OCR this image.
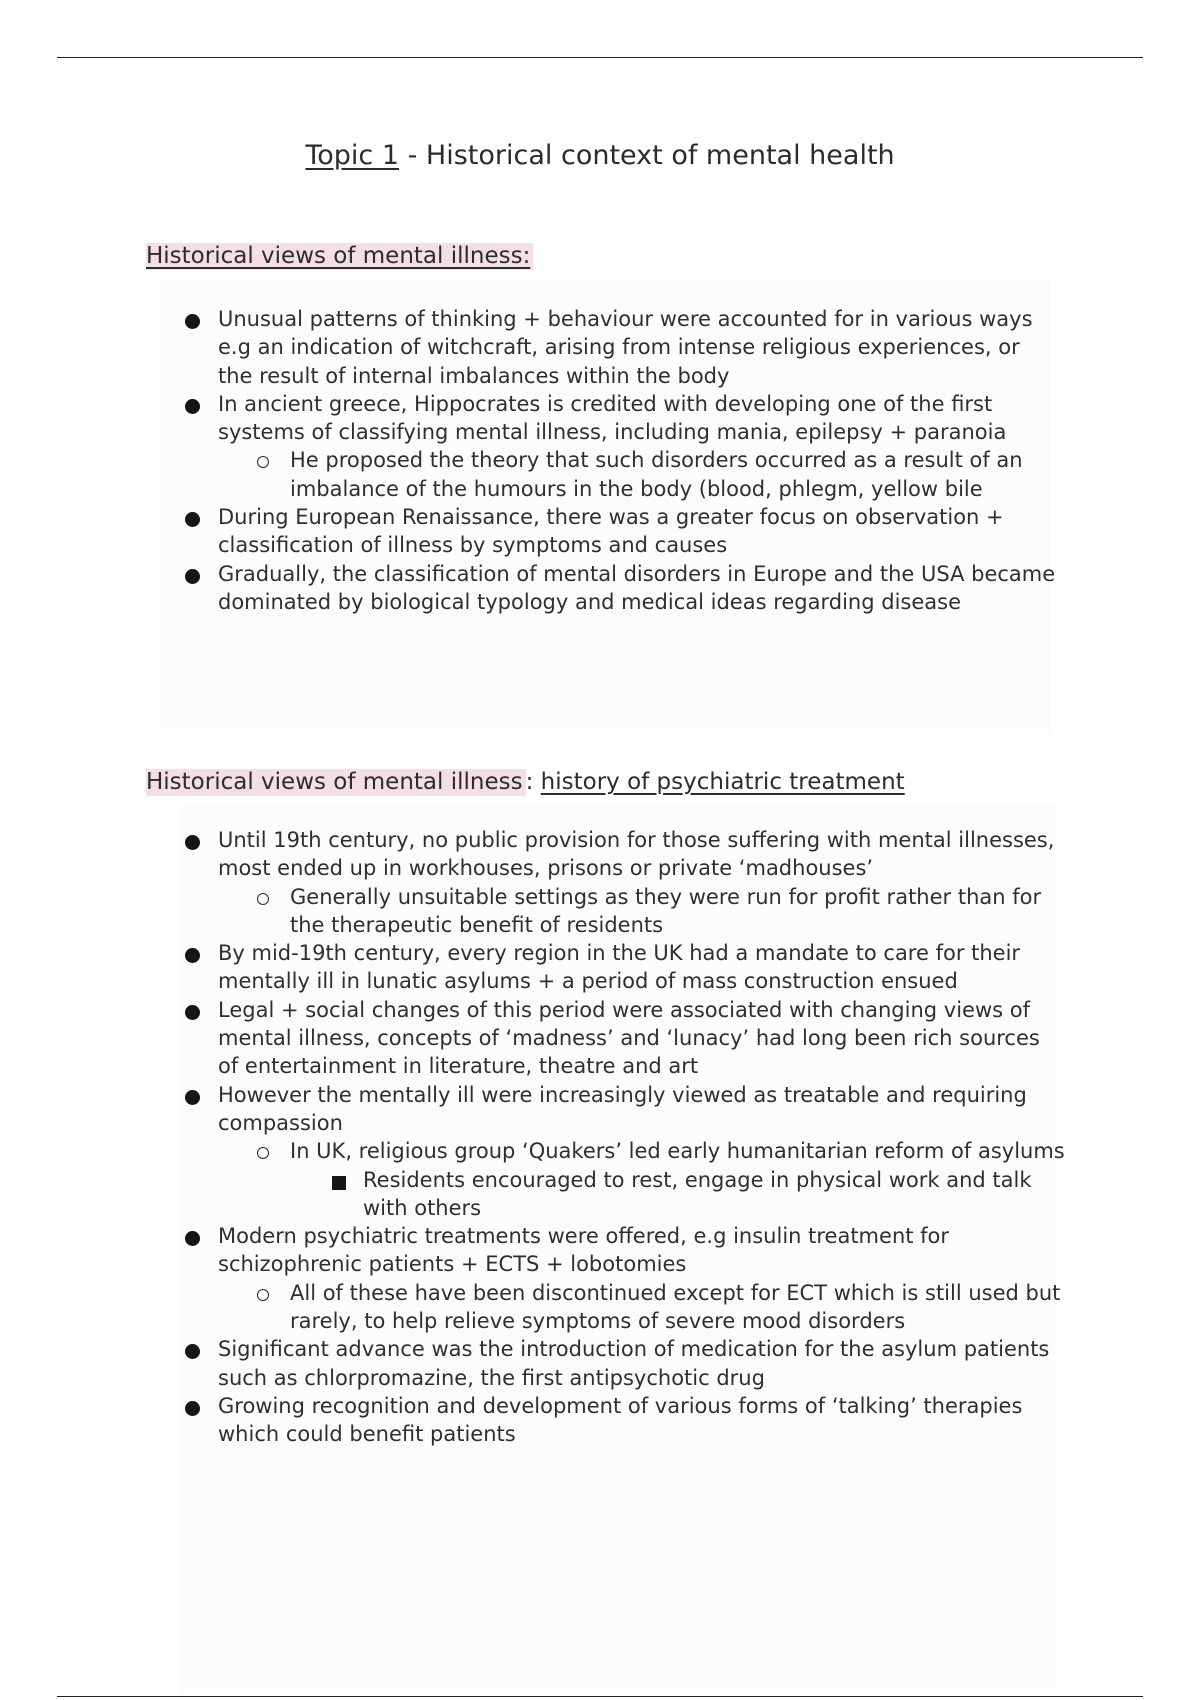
Topic 1 - Historical context of mental health
Historical views of mental illness:
Unusual patterns of thinking + behaviour were accounted for in various ways e.g an indication of witchcraft, arising from intense religious experiences, or the result of internal imbalances within the body
In ancient greece, Hippocrates is credited with developing one of the first systems of classifying mental illness, including mania, epilepsy + paranoia
He proposed the theory that such disorders occurred as a result of an imbalance of the humours in the body (blood, phlegm, yellow bile
During European Renaissance, there was a greater focus on observation + classification of illness by symptoms and causes
Gradually, the classification of mental disorders in Europe and the USA became dominated by biological typology and medical ideas regarding disease
Historical views of mental illness : history of psychiatric treatment
Until 19th century, no public provision for those suffering with mental illnesses, most ended up in workhouses, prisons or private ‘madhouses’
Generally unsuitable settings as they were run for profit rather than for the therapeutic benefit of residents
By mid-19th century, every region in the UK had a mandate to care for their mentally ill in lunatic asylums + a period of mass construction ensued
Legal + social changes of this period were associated with changing views of mental illness, concepts of ‘madness’ and ‘lunacy’ had long been rich sources of entertainment in literature, theatre and art
However the mentally ill were increasingly viewed as treatable and requiring compassion
In UK, religious group ‘Quakers’ led early humanitarian reform of asylums
Residents encouraged to rest, engage in physical work and talk with others
Modern psychiatric treatments were offered, e.g insulin treatment for schizophrenic patients + ECTS + lobotomies
All of these have been discontinued except for ECT which is still used but rarely, to help relieve symptoms of severe mood disorders
Significant advance was the introduction of medication for the asylum patients such as chlorpromazine, the first antipsychotic drug
Growing recognition and development of various forms of ‘talking’ therapies which could benefit patients
